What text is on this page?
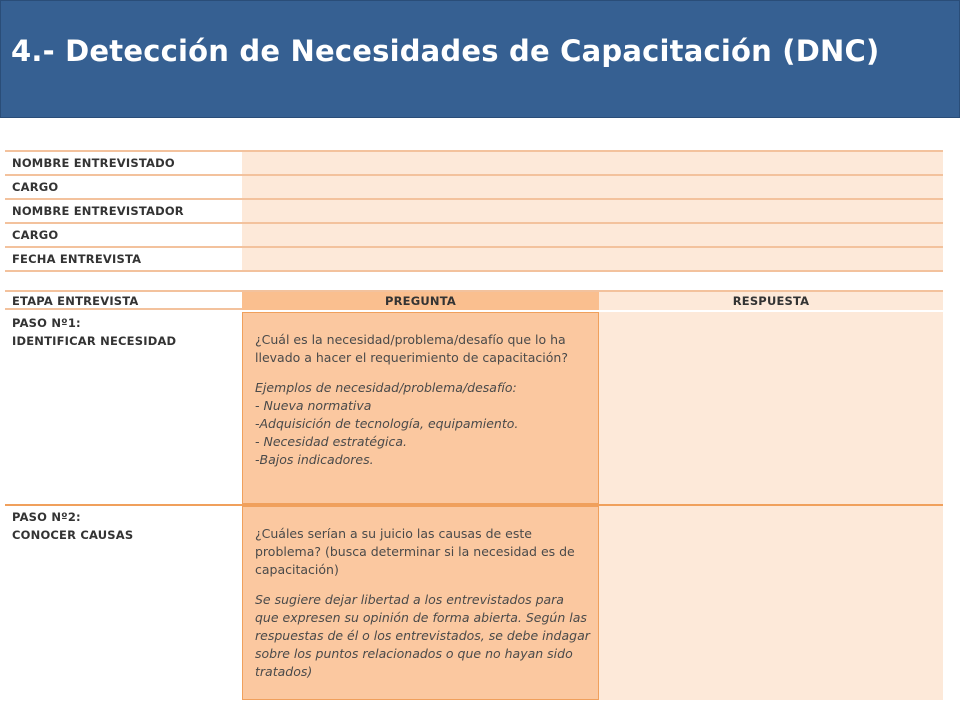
4.- Detección de Necesidades de Capacitación (DNC)
NOMBRE ENTREVISTADO
CARGO
NOMBRE ENTREVISTADOR
CARGO
FECHA ENTREVISTA
ETAPA ENTREVISTA	PREGUNTA	RESPUESTA
PASO Nº1:
IDENTIFICAR NECESIDAD	¿Cuál es la necesidad/problema/desafío que lo ha llevado a hacer el requerimiento de capacitación?

Ejemplos de necesidad/problema/desafío:
- Nueva normativa
-Adquisición de tecnología, equipamiento.
- Necesidad estratégica.
-Bajos indicadores.
PASO Nº2:
CONOCER CAUSAS	¿Cuáles serían a su juicio las causas de este problema? (busca determinar si la necesidad es de capacitación)

Se sugiere dejar libertad a los entrevistados para que expresen su opinión de forma abierta. Según las respuestas de él o los entrevistados, se debe indagar sobre los puntos relacionados o que no hayan sido tratados)
